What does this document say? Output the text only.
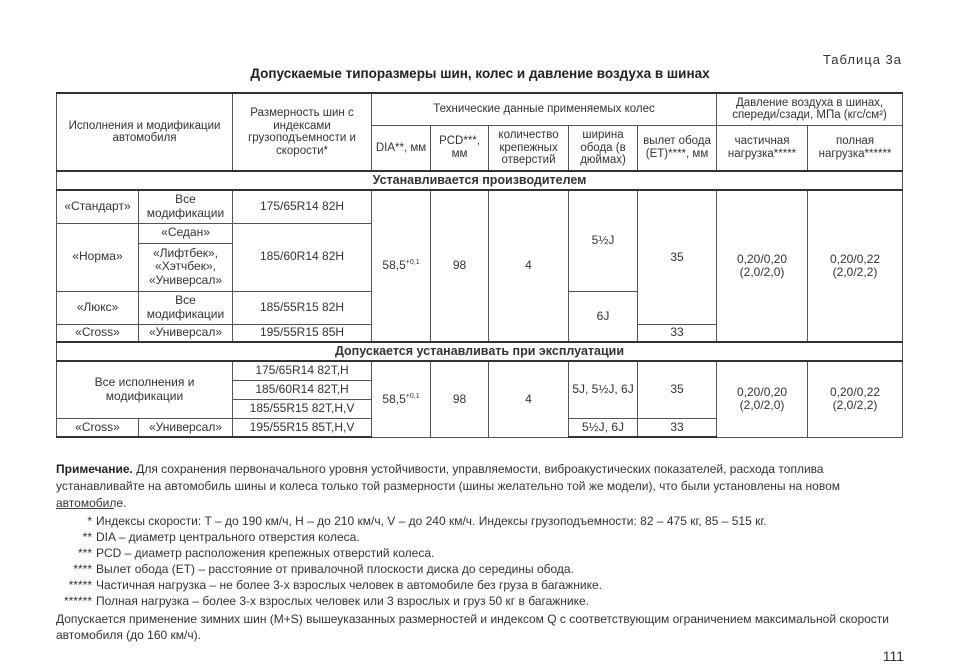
Таблица 3а
Допускаемые типоразмеры шин, колес и давление воздуха в шинах
Исполнения и модификации автомобиля		Размерность шин с индексами грузоподъемности и скорости*	Технические данные применяемых колес					Давление воздуха в шинах, спереди/сзади, МПа (кгс/см²)	
			DIA**, мм	PCD***, мм	количество крепежных отверстий	ширина обода (в дюймах)	вылет обода (ET)****, мм	частичная нагрузка*****	полная нагрузка******
Устанавливается производителем									
«Стандарт»	Все модификации	175/65R14 82H	$58,5^{+0,1}$	98	4	5½J	35	0,20/0,20 (2,0/2,0)	0,20/0,22 (2,0/2,2)
«Норма»	«Седан»	185/60R14 82H							
	«Лифтбек», «Хэтчбек», «Универсал»								
«Люкс»	Все модификации	185/55R15 82H				6J			
«Cross»	«Универсал»	195/55R15 85H					33		
Допускается устанавливать при эксплуатации									
Все исполнения и модификации		175/65R14 82T,H	$58,5^{+0,1}$	98	4	5J, 5½J, 6J	35	0,20/0,20 (2,0/2,0)	0,20/0,22 (2,0/2,2)
		185/60R14 82T,H							
		185/55R15 82T,H,V							
«Cross»	«Универсал»	195/55R15 85T,H,V				5½J, 6J	33		
Примечание. Для сохранения первоначального уровня устойчивости, управляемости, виброакустических показателей, расхода топлива устанавливайте на автомобиль шины и колеса только той размерности (шины желательно той же модели), что были установлены на новом автомобиле.
* Индексы скорости: T – до 190 км/ч, H – до 210 км/ч, V – до 240 км/ч. Индексы грузоподъемности: 82 – 475 кг, 85 – 515 кг.
** DIA – диаметр центрального отверстия колеса.
*** PCD – диаметр расположения крепежных отверстий колеса.
**** Вылет обода (ET) – расстояние от привалочной плоскости диска до середины обода.
***** Частичная нагрузка – не более 3-х взрослых человек в автомобиле без груза в багажнике.
****** Полная нагрузка – более 3-х взрослых человек или 3 взрослых и груз 50 кг в багажнике.
Допускается применение зимних шин (M+S) вышеуказанных размерностей и индексом Q с соответствующим ограничением максимальной скорости автомобиля (до 160 км/ч).
111
